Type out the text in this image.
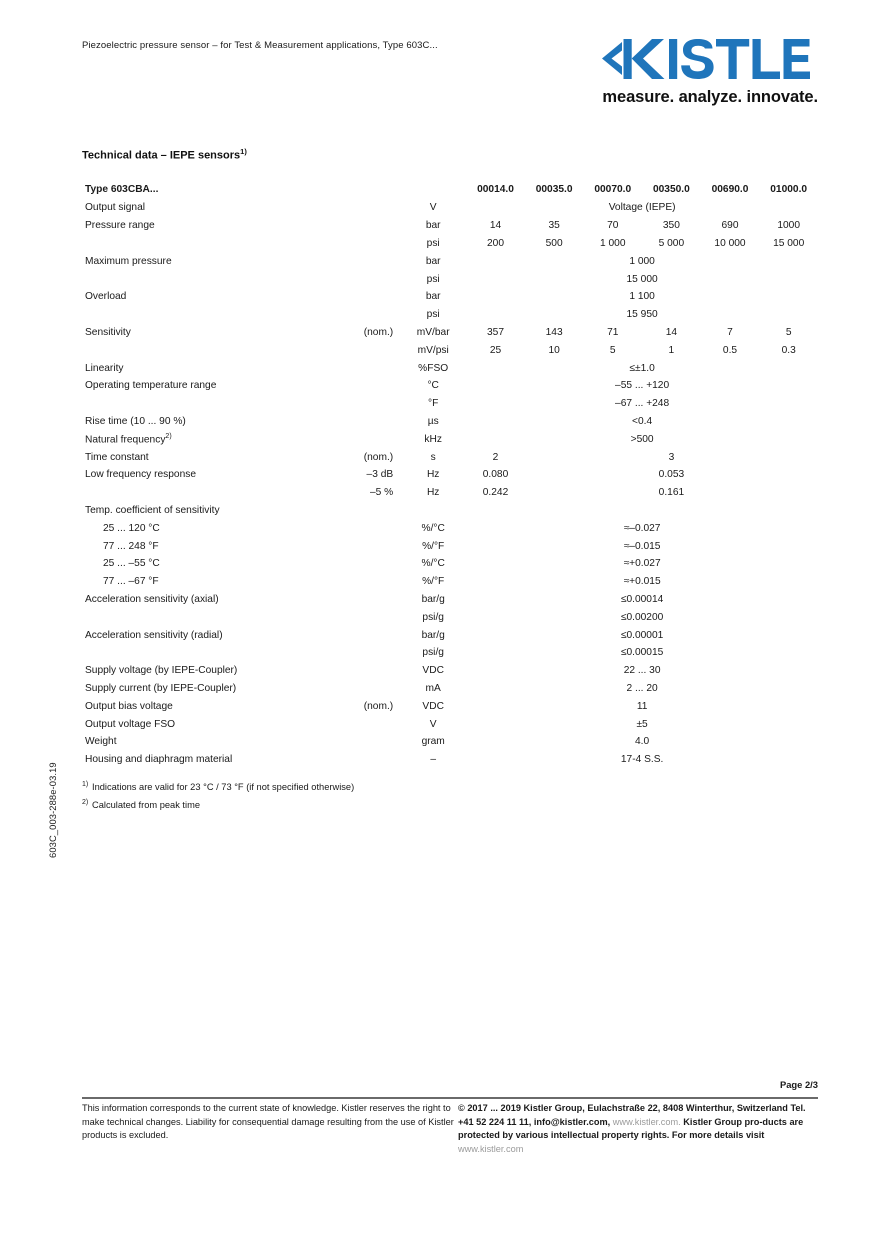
Piezoelectric pressure sensor – for Test & Measurement applications, Type 603C...
measure. analyze. innovate.
Technical data – IEPE sensors$^{1)}$
Type 603CBA...			00014.0	00035.0	00070.0	00350.0	00690.0	01000.0
Output signal		V	Voltage (IEPE)					
Pressure range		bar	14	35	70	350	690	1000
		psi	200	500	1 000	5 000	10 000	15 000
Maximum pressure		bar	1 000					
		psi	15 000					
Overload		bar	1 100					
		psi	15 950					
Sensitivity	(nom.)	mV/bar	357	143	71	14	7	5
		mV/psi	25	10	5	1	0.5	0.3
Linearity		%FSO	≤±1.0					
Operating temperature range		°C	–55 ... +120					
		°F	–67 ... +248					
Rise time (10 ... 90 %)		µs	<0.4					
Natural frequency$^{2)}$		kHz	>500					
Time constant	(nom.)	s	2	3				
Low frequency response	–3 dB	Hz	0.080	0.053				
	–5 %	Hz	0.242	0.161				
Temp. coefficient of sensitivity								
25 ... 120 °C		%/°C	≈–0.027					
77 ... 248 °F		%/°F	≈–0.015					
25 ... –55 °C		%/°C	≈+0.027					
77 ... –67 °F		%/°F	≈+0.015					
Acceleration sensitivity (axial)		bar/g	≤0.00014					
		psi/g	≤0.00200					
Acceleration sensitivity (radial)		bar/g	≤0.00001					
		psi/g	≤0.00015					
Supply voltage (by IEPE-Coupler)		VDC	22 ... 30					
Supply current (by IEPE-Coupler)		mA	2 ... 20					
Output bias voltage	(nom.)	VDC	11					
Output voltage FSO		V	±5					
Weight		gram	4.0					
Housing and diaphragm material		–	17-4 S.S.					
1) Indications are valid for 23 °C / 73 °F (if not specified otherwise)
2) Calculated from peak time
603C_003-288e-03.19
Page 2/3
This information corresponds to the current state of knowledge. Kistler reserves the right to make technical changes. Liability for consequential damage resulting from the use of Kistler products is excluded.
© 2017 ... 2019 Kistler Group, Eulachstraße 22, 8408 Winterthur, Switzerland Tel. +41 52 224 11 11, info@kistler.com, www.kistler.com. Kistler Group pro-ducts are protected by various intellectual property rights. For more details visit www.kistler.com
